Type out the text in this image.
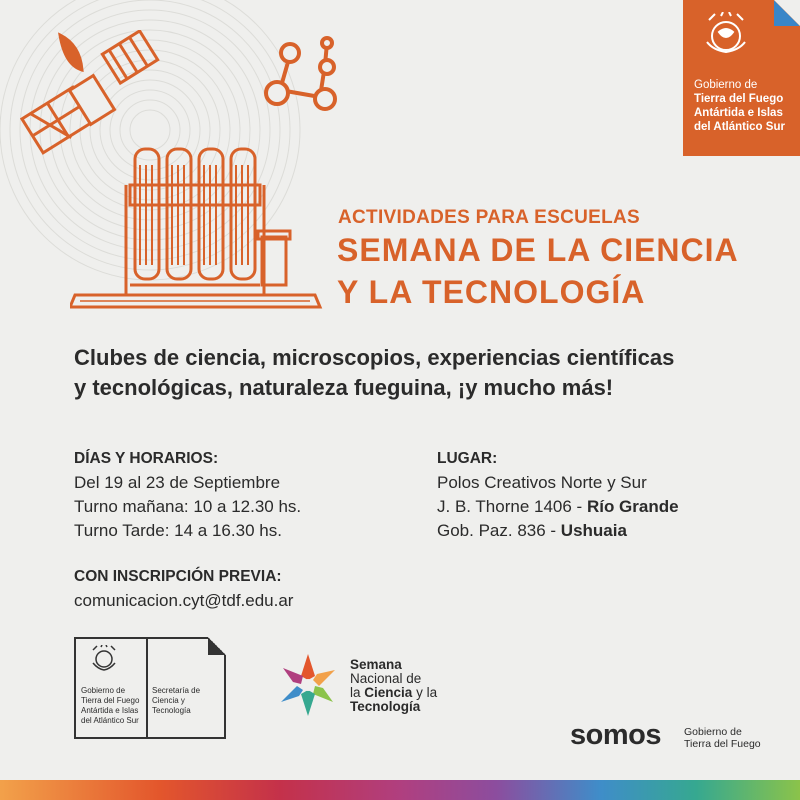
Gobierno de
Tierra del Fuego
Antártida e Islas
del Atlántico Sur
ACTIVIDADES PARA ESCUELAS
SEMANA DE LA CIENCIA
Y LA TECNOLOGÍA
Clubes de ciencia, microscopios, experiencias científicas
y tecnológicas, naturaleza fueguina, ¡y mucho más!
DÍAS Y HORARIOS:
Del 19 al 23 de Septiembre
Turno mañana: 10 a 12.30 hs.
Turno Tarde: 14 a 16.30 hs.
LUGAR:
Polos Creativos Norte y Sur
J. B. Thorne 1406 - Río Grande
Gob. Paz. 836 - Ushuaia
CON INSCRIPCIÓN PREVIA:
comunicacion.cyt@tdf.edu.ar
Gobierno de
Tierra del Fuego
Antártida e Islas
del Atlántico Sur
Secretaría de
Ciencia y
Tecnología
Semana
Nacional de
la Ciencia y la
Tecnología
somos Gobierno de
Tierra del Fuego
